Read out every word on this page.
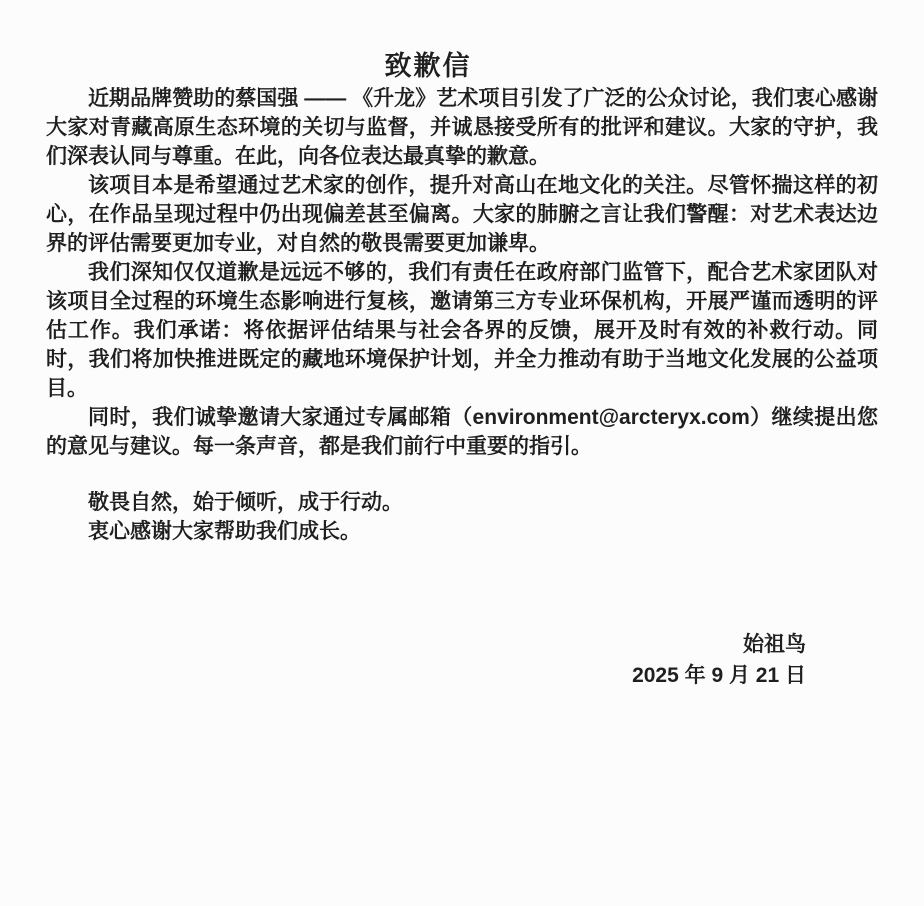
致歉信

近期品牌赞助的蔡国强 —— 《升龙》艺术项目引发了广泛的公众讨论，我们衷心感谢大家对青藏高原生态环境的关切与监督，并诚恳接受所有的批评和建议。大家的守护，我们深表认同与尊重。在此，向各位表达最真挚的歉意。

该项目本是希望通过艺术家的创作，提升对高山在地文化的关注。尽管怀揣这样的初心，在作品呈现过程中仍出现偏差甚至偏离。大家的肺腑之言让我们警醒：对艺术表达边界的评估需要更加专业，对自然的敬畏需要更加谦卑。

我们深知仅仅道歉是远远不够的，我们有责任在政府部门监管下，配合艺术家团队对该项目全过程的环境生态影响进行复核，邀请第三方专业环保机构，开展严谨而透明的评估工作。我们承诺：将依据评估结果与社会各界的反馈，展开及时有效的补救行动。同时，我们将加快推进既定的藏地环境保护计划，并全力推动有助于当地文化发展的公益项目。

同时，我们诚挚邀请大家通过专属邮箱（environment@arcteryx.com）继续提出您的意见与建议。每一条声音，都是我们前行中重要的指引。

敬畏自然，始于倾听，成于行动。

衷心感谢大家帮助我们成长。

始祖鸟

2025 年 9 月 21 日
